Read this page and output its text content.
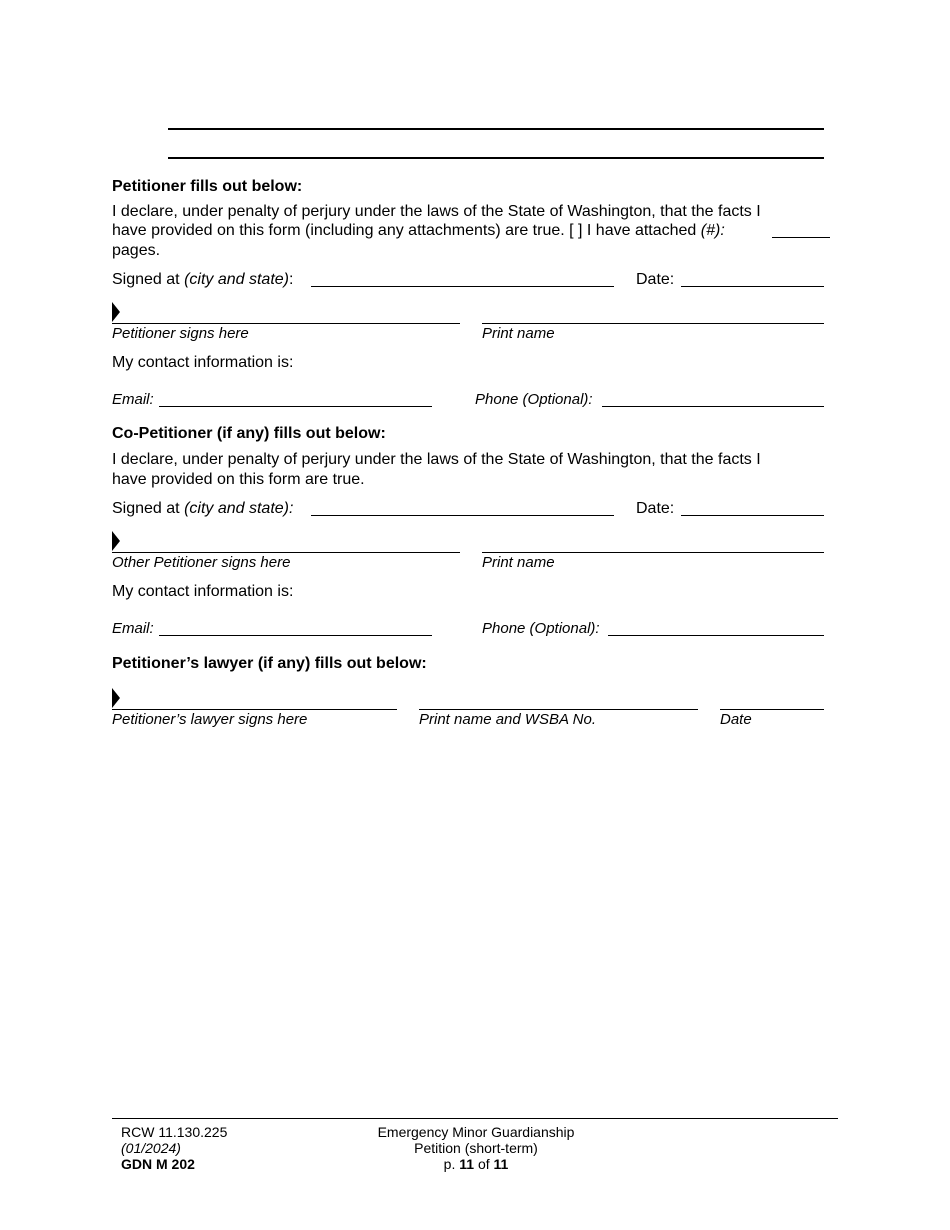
Petitioner fills out below:
I declare, under penalty of perjury under the laws of the State of Washington, that the facts I
have provided on this form (including any attachments) are true. [ ] I have attached (#):
pages.
Signed at (city and state):	Date:
Petitioner signs here	Print name
My contact information is:
Email:	Phone (Optional):
Co-Petitioner (if any) fills out below:
I declare, under penalty of perjury under the laws of the State of Washington, that the facts I
have provided on this form are true.
Signed at (city and state):	Date:
Other Petitioner signs here	Print name
My contact information is:
Email:	Phone (Optional):
Petitioner’s lawyer (if any) fills out below:
Petitioner’s lawyer signs here	Print name and WSBA No.	Date
RCW 11.130.225
(01/2024)
GDN M 202
Emergency Minor Guardianship
Petition (short-term)
p. 11 of 11
